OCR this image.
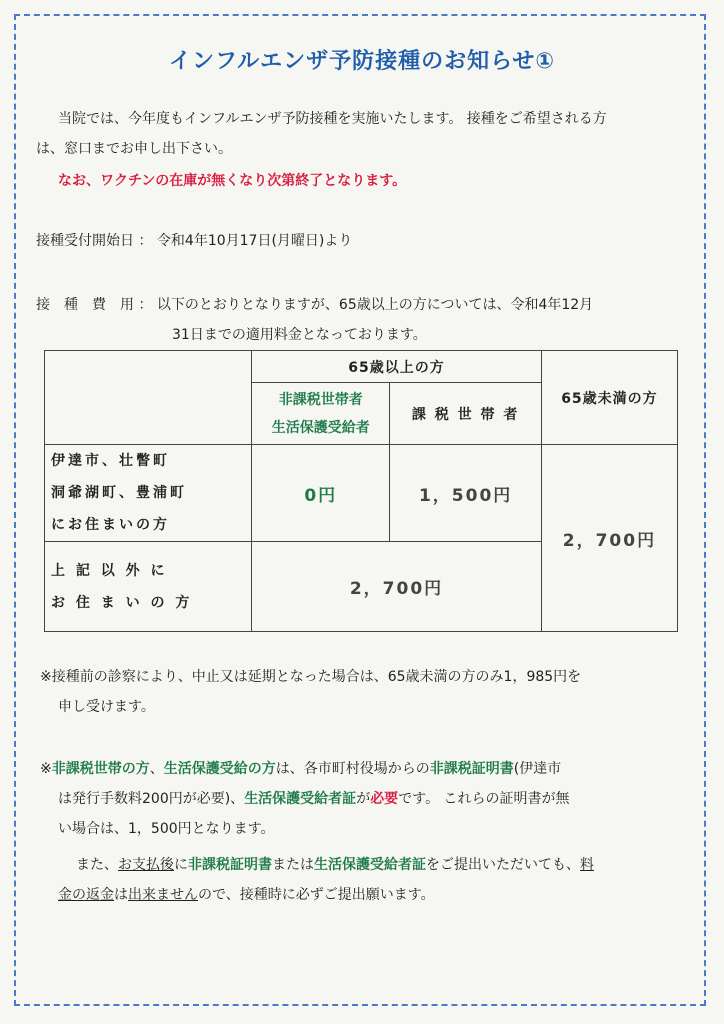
インフルエンザ予防接種のお知らせ①
当院では、今年度もインフルエンザ予防接種を実施いたします。 接種をご希望される方
は、窓口までお申し出下さい。
なお、ワクチンの在庫が無くなり次第終了となります。
接種受付開始日 ： 令和4年10月17日(月曜日)より
接　種　費　用 ： 以下のとおりとなりますが、65歳以上の方については、令和4年12月
31日までの適用料金となっております。
	65歳以上の方		65歳未満の方

	非課税世帯者
生活保護受給者	課 税 世 帯 者	

伊達市、壮瞥町
洞爺湖町、豊浦町
にお住まいの方	0円	1，500円	2，700円

上 記 以 外 に
お 住 ま い の 方	2，700円		
※接種前の診察により、中止又は延期となった場合は、65歳未満の方のみ1，985円を
申し受けます。
※非課税世帯の方、生活保護受給の方は、各市町村役場からの非課税証明書(伊達市
は発行手数料200円が必要)、生活保護受給者証が必要です。 これらの証明書が無
い場合は、1，500円となります。
また、お支払後に非課税証明書または生活保護受給者証をご提出いただいても、料
金の返金は出来ませんので、接種時に必ずご提出願います。
